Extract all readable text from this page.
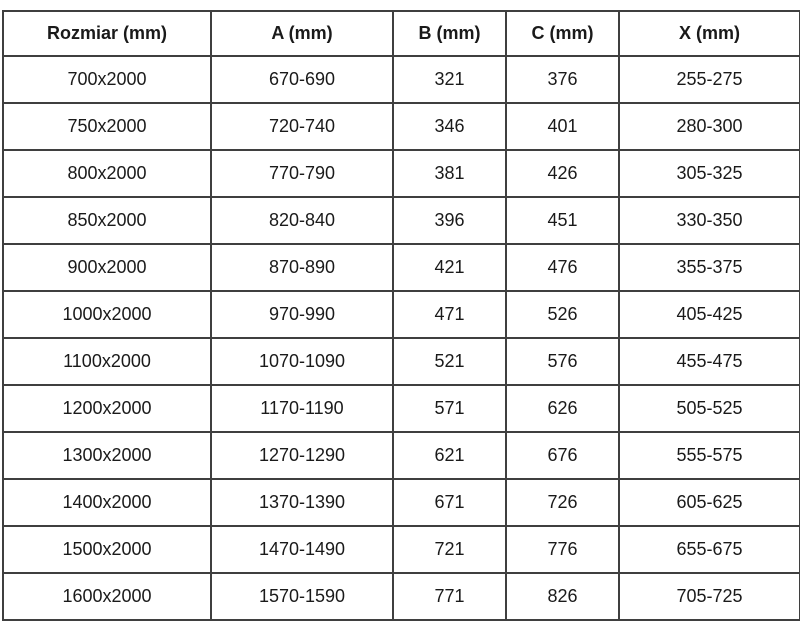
Rozmiar (mm)	A (mm)	B (mm)	C (mm)	X (mm)
700x2000	670-690	321	376	255-275
750x2000	720-740	346	401	280-300
800x2000	770-790	381	426	305-325
850x2000	820-840	396	451	330-350
900x2000	870-890	421	476	355-375
1000x2000	970-990	471	526	405-425
1100x2000	1070-1090	521	576	455-475
1200x2000	1170-1190	571	626	505-525
1300x2000	1270-1290	621	676	555-575
1400x2000	1370-1390	671	726	605-625
1500x2000	1470-1490	721	776	655-675
1600x2000	1570-1590	771	826	705-725
